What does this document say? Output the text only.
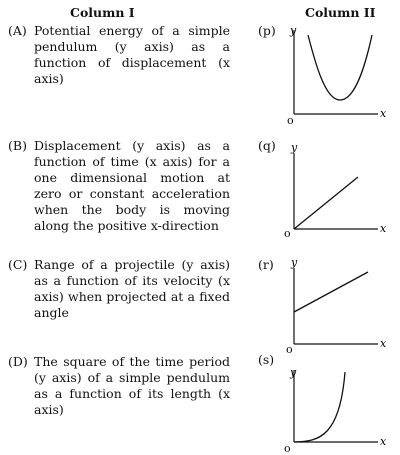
Column I	Column II
(A) Potential energy of a simple pendulum (y axis) as a function of displacement (x axis)
(p) y
x
o
(B) Displacement (y axis) as a function of time (x axis) for a one dimensional motion at zero or constant acceleration when the body is moving along the positive x-direction
(q) y
x
o
(C) Range of a projectile (y axis) as a function of its velocity (x axis) when projected at a fixed angle
(r) y
x
o
(D) The square of the time period (y axis) of a simple pendulum as a function of its length (x axis)
(s)
y
x
o
